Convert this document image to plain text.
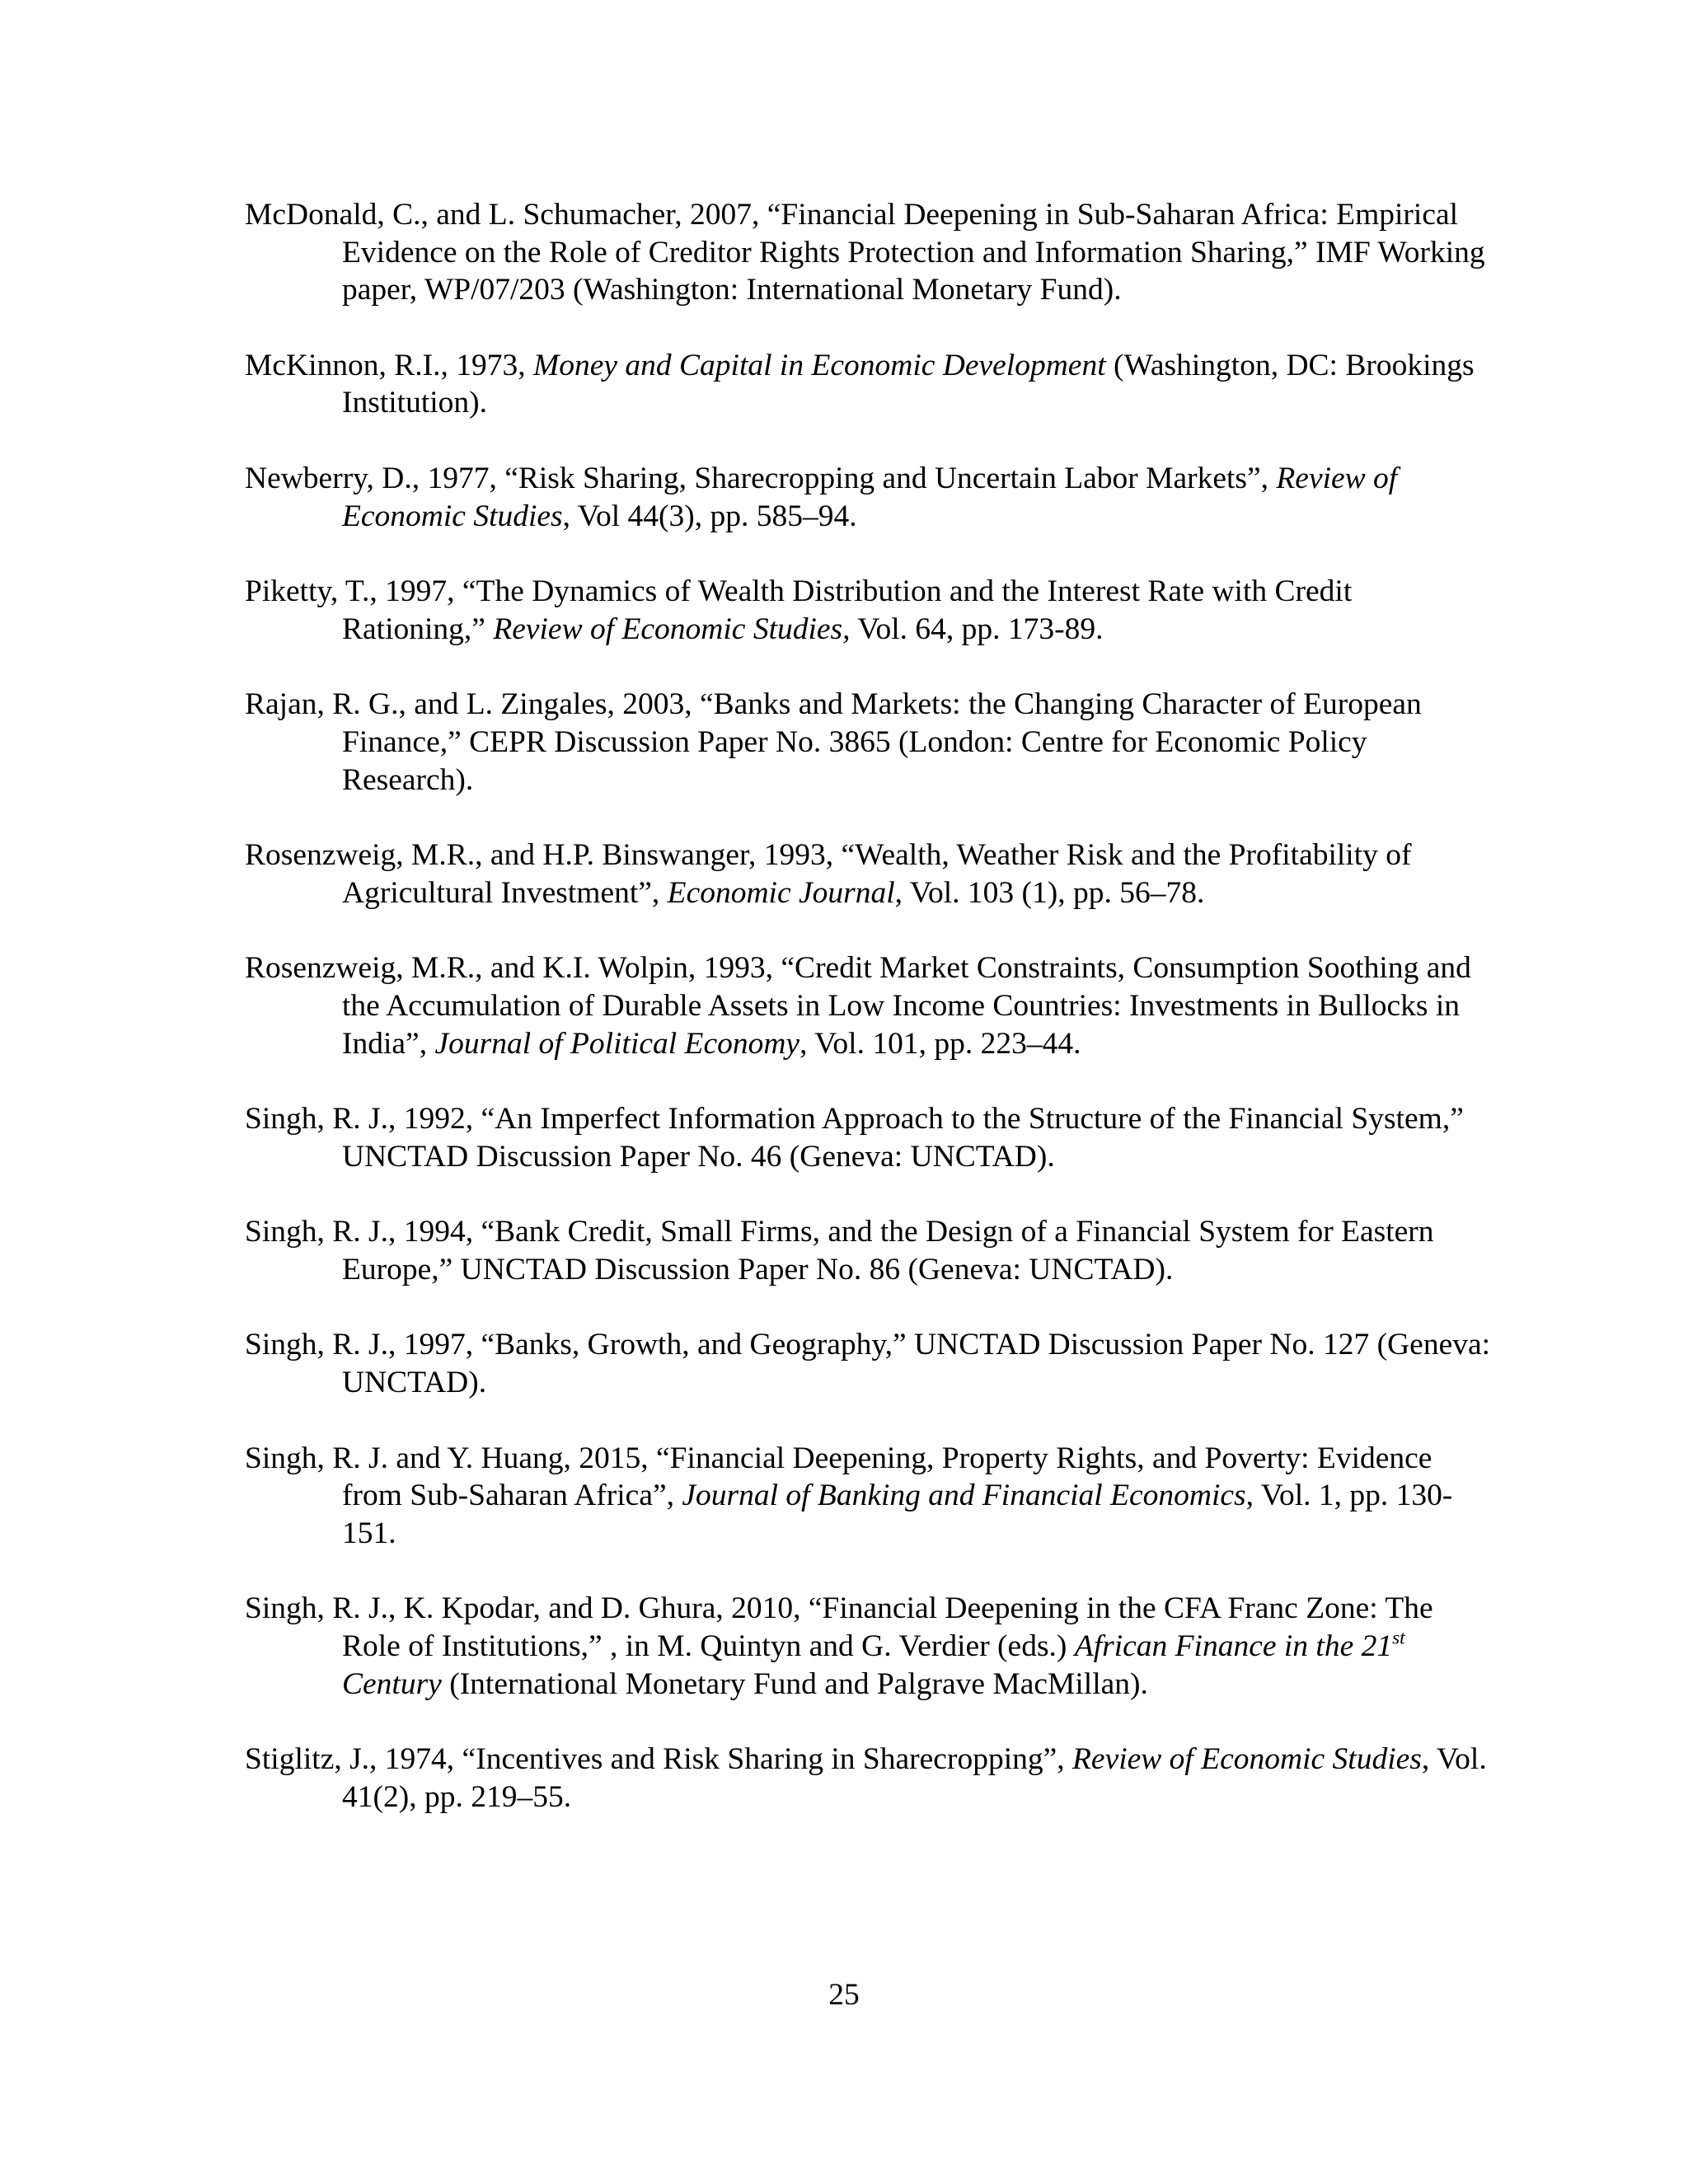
McDonald, C., and L. Schumacher, 2007, “Financial Deepening in Sub-Saharan Africa: Empirical Evidence on the Role of Creditor Rights Protection and Information Sharing,” IMF Working paper, WP/07/203 (Washington: International Monetary Fund).

McKinnon, R.I., 1973, Money and Capital in Economic Development (Washington, DC: Brookings Institution).

Newberry, D., 1977, “Risk Sharing, Sharecropping and Uncertain Labor Markets”, Review of Economic Studies, Vol 44(3), pp. 585–94.

Piketty, T., 1997, “The Dynamics of Wealth Distribution and the Interest Rate with Credit Rationing,” Review of Economic Studies, Vol. 64, pp. 173-89.

Rajan, R. G., and L. Zingales, 2003, “Banks and Markets: the Changing Character of European Finance,” CEPR Discussion Paper No. 3865 (London: Centre for Economic Policy Research).

Rosenzweig, M.R., and H.P. Binswanger, 1993, “Wealth, Weather Risk and the Profitability of Agricultural Investment”, Economic Journal, Vol. 103 (1), pp. 56–78.

Rosenzweig, M.R., and K.I. Wolpin, 1993, “Credit Market Constraints, Consumption Soothing and the Accumulation of Durable Assets in Low Income Countries: Investments in Bullocks in India”, Journal of Political Economy, Vol. 101, pp. 223–44.

Singh, R. J., 1992, “An Imperfect Information Approach to the Structure of the Financial System,” UNCTAD Discussion Paper No. 46 (Geneva: UNCTAD).

Singh, R. J., 1994, “Bank Credit, Small Firms, and the Design of a Financial System for Eastern Europe,” UNCTAD Discussion Paper No. 86 (Geneva: UNCTAD).

Singh, R. J., 1997, “Banks, Growth, and Geography,” UNCTAD Discussion Paper No. 127 (Geneva: UNCTAD).

Singh, R. J. and Y. Huang, 2015, “Financial Deepening, Property Rights, and Poverty: Evidence from Sub-Saharan Africa”, Journal of Banking and Financial Economics, Vol. 1, pp. 130-151.

Singh, R. J., K. Kpodar, and D. Ghura, 2010, “Financial Deepening in the CFA Franc Zone: The Role of Institutions,” , in M. Quintyn and G. Verdier (eds.) African Finance in the 21st Century (International Monetary Fund and Palgrave MacMillan).

Stiglitz, J., 1974, “Incentives and Risk Sharing in Sharecropping”, Review of Economic Studies, Vol. 41(2), pp. 219–55.

25
